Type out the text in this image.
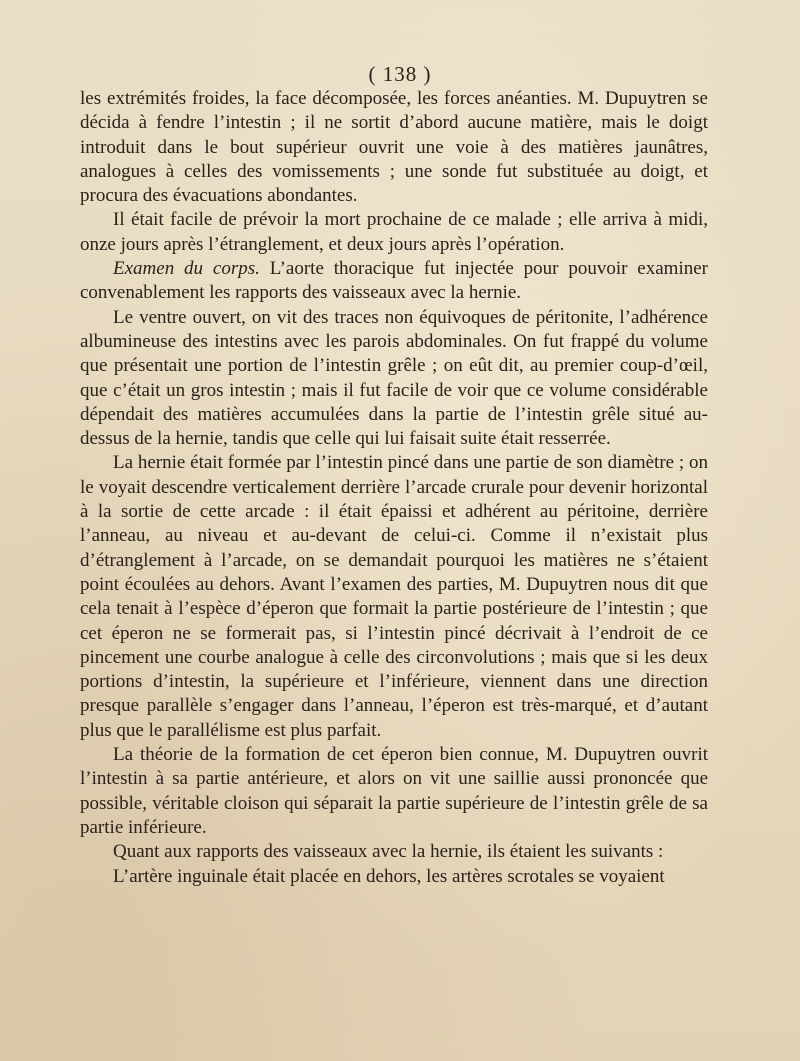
( 138 )

les extrémités froides, la face décomposée, les forces anéanties. M. Dupuytren se décida à fendre l’intestin ; il ne sortit d’abord aucune matière, mais le doigt introduit dans le bout supérieur ouvrit une voie à des matières jaunâtres, analogues à celles des vomissements ; une sonde fut substituée au doigt, et procura des évacuations abondantes.

Il était facile de prévoir la mort prochaine de ce malade ; elle arriva à midi, onze jours après l’étranglement, et deux jours après l’opération.

Examen du corps. L’aorte thoracique fut injectée pour pouvoir examiner convenablement les rapports des vaisseaux avec la hernie.

Le ventre ouvert, on vit des traces non équivoques de péritonite, l’adhérence albumineuse des intestins avec les parois abdominales. On fut frappé du volume que présentait une portion de l’intestin grêle ; on eût dit, au premier coup-d’œil, que c’était un gros intestin ; mais il fut facile de voir que ce volume considérable dépendait des matières accumulées dans la partie de l’intestin grêle situé au-dessus de la hernie, tandis que celle qui lui faisait suite était resserrée.

La hernie était formée par l’intestin pincé dans une partie de son diamètre ; on le voyait descendre verticalement derrière l’arcade crurale pour devenir horizontal à la sortie de cette arcade : il était épaissi et adhérent au péritoine, derrière l’anneau, au niveau et au-devant de celui-ci. Comme il n’existait plus d’étranglement à l’arcade, on se demandait pourquoi les matières ne s’étaient point écoulées au dehors. Avant l’examen des parties, M. Dupuytren nous dit que cela tenait à l’espèce d’éperon que formait la partie postérieure de l’intestin ; que cet éperon ne se formerait pas, si l’intestin pincé décrivait à l’endroit de ce pincement une courbe analogue à celle des circonvolutions ; mais que si les deux portions d’intestin, la supérieure et l’inférieure, viennent dans une direction presque parallèle s’engager dans l’anneau, l’éperon est très-marqué, et d’autant plus que le parallélisme est plus parfait.

La théorie de la formation de cet éperon bien connue, M. Dupuytren ouvrit l’intestin à sa partie antérieure, et alors on vit une saillie aussi prononcée que possible, véritable cloison qui séparait la partie supérieure de l’intestin grêle de sa partie inférieure.

Quant aux rapports des vaisseaux avec la hernie, ils étaient les suivants :

L’artère inguinale était placée en dehors, les artères scrotales se voyaient
